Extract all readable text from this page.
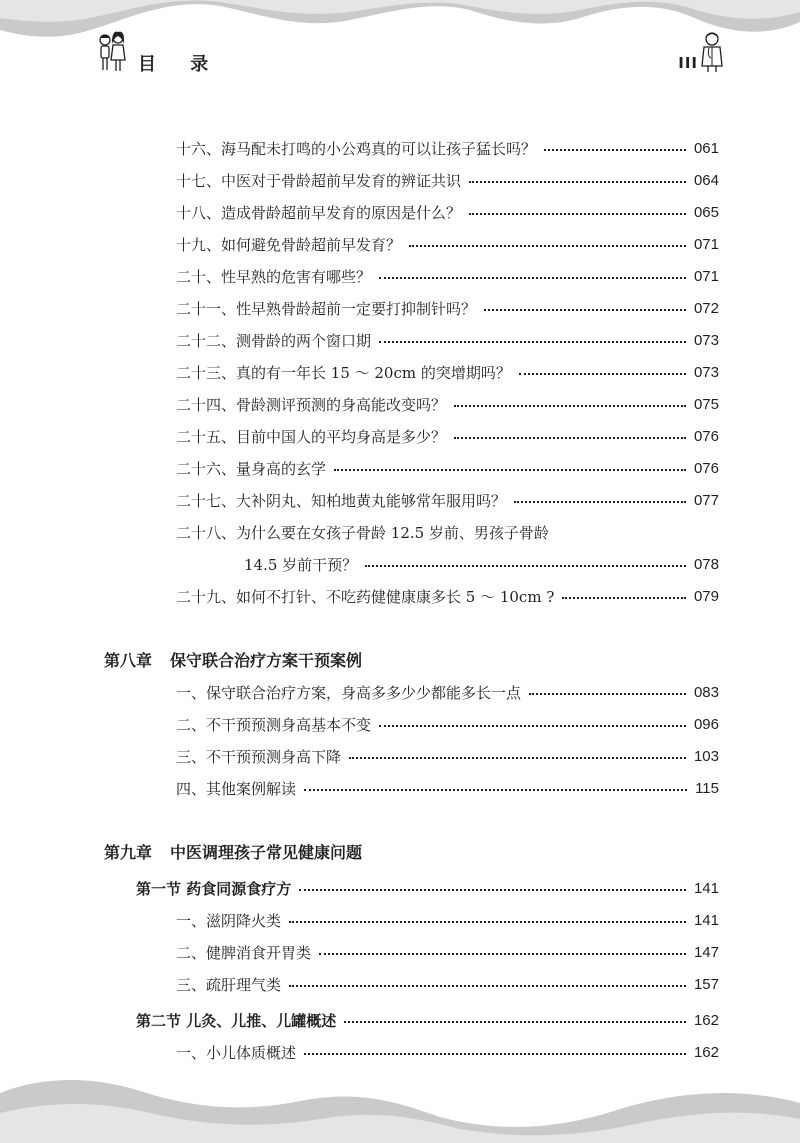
目 录	III
十六、海马配未打鸣的小公鸡真的可以让孩子猛长吗？	061
十七、中医对于骨龄超前早发育的辨证共识	064
十八、造成骨龄超前早发育的原因是什么？	065
十九、如何避免骨龄超前早发育？	071
二十、性早熟的危害有哪些？	071
二十一、性早熟骨龄超前一定要打抑制针吗？	072
二十二、测骨龄的两个窗口期	073
二十三、真的有一年长 15 ～ 20cm 的突增期吗？	073
二十四、骨龄测评预测的身高能改变吗？	075
二十五、目前中国人的平均身高是多少？	076
二十六、量身高的玄学	076
二十七、大补阴丸、知柏地黄丸能够常年服用吗？	077
二十八、为什么要在女孩子骨龄 12.5 岁前、男孩子骨龄
14.5 岁前干预？	078
二十九、如何不打针、不吃药健健康康多长 5 ～ 10cm ?	079
第八章 保守联合治疗方案干预案例
一、保守联合治疗方案，身高多多少少都能多长一点	083
二、不干预预测身高基本不变	096
三、不干预预测身高下降	103
四、其他案例解读	115
第九章 中医调理孩子常见健康问题
第一节 药食同源食疗方	141
一、滋阴降火类	141
二、健脾消食开胃类	147
三、疏肝理气类	157
第二节 儿灸、儿推、儿罐概述	162
一、小儿体质概述	162
